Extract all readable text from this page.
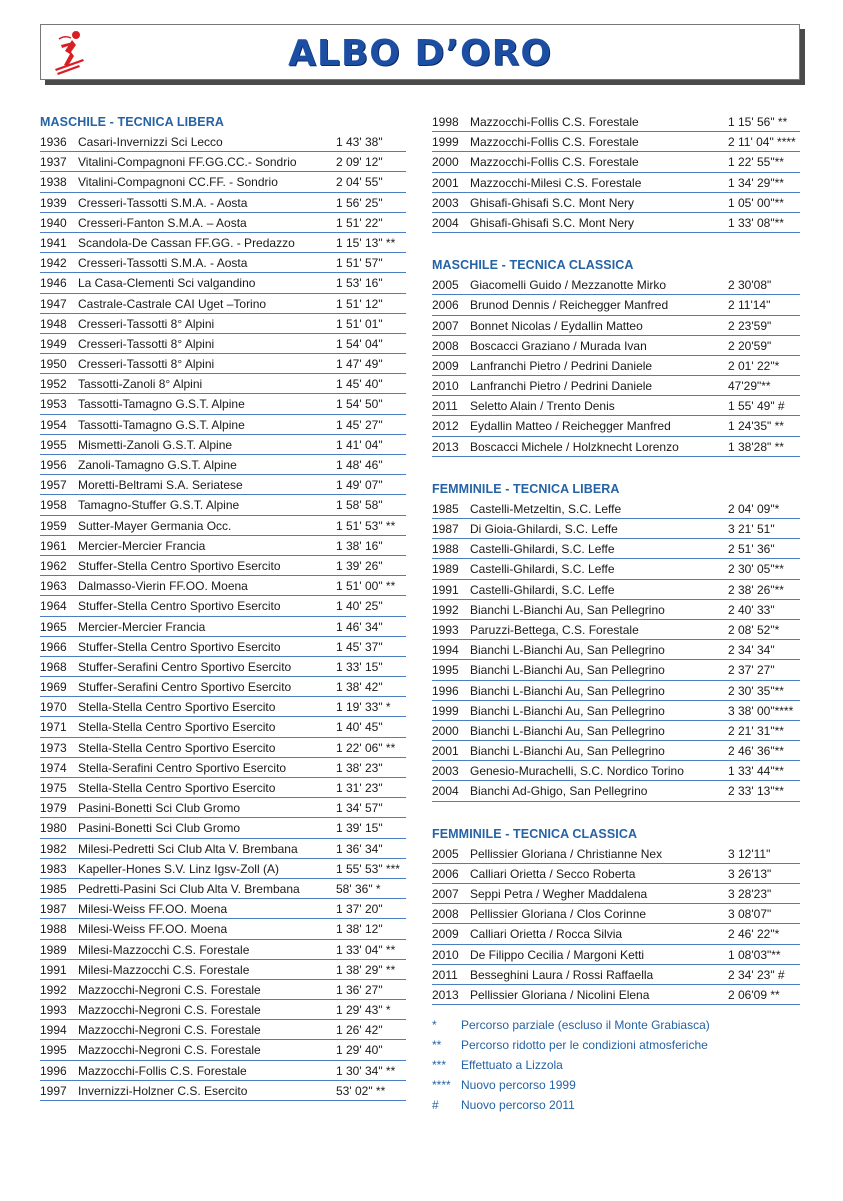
ALBO D’ORO
MASCHILE - TECNICA LIBERA
1936 Casari-Invernizzi Sci Lecco	1 43' 38"
1937 Vitalini-Compagnoni FF.GG.CC.- Sondrio	2 09' 12"
1938 Vitalini-Compagnoni CC.FF. - Sondrio	2 04' 55"
1939 Cresseri-Tassotti S.M.A. - Aosta	1 56' 25"
1940 Cresseri-Fanton S.M.A. – Aosta	1 51' 22"
1941 Scandola-De Cassan FF.GG. - Predazzo	1 15' 13" **
1942 Cresseri-Tassotti S.M.A. - Aosta	1 51' 57"
1946 La Casa-Clementi Sci valgandino	1 53' 16"
1947 Castrale-Castrale CAI Uget –Torino	1 51' 12"
1948 Cresseri-Tassotti 8° Alpini	1 51' 01"
1949 Cresseri-Tassotti 8° Alpini	1 54' 04"
1950 Cresseri-Tassotti 8° Alpini	1 47' 49"
1952 Tassotti-Zanoli 8° Alpini	1 45' 40"
1953 Tassotti-Tamagno G.S.T. Alpine	1 54' 50"
1954 Tassotti-Tamagno G.S.T. Alpine	1 45' 27"
1955 Mismetti-Zanoli G.S.T. Alpine	1 41' 04"
1956 Zanoli-Tamagno G.S.T. Alpine	1 48' 46"
1957 Moretti-Beltrami S.A. Seriatese	1 49' 07"
1958 Tamagno-Stuffer G.S.T. Alpine	1 58' 58"
1959 Sutter-Mayer Germania Occ.	1 51' 53" **
1961 Mercier-Mercier Francia	1 38' 16"
1962 Stuffer-Stella Centro Sportivo Esercito	1 39' 26"
1963 Dalmasso-Vierin FF.OO. Moena	1 51' 00" **
1964 Stuffer-Stella Centro Sportivo Esercito	1 40' 25"
1965 Mercier-Mercier Francia	1 46' 34"
1966 Stuffer-Stella Centro Sportivo Esercito	1 45' 37"
1968 Stuffer-Serafini Centro Sportivo Esercito	1 33' 15"
1969 Stuffer-Serafini Centro Sportivo Esercito	1 38' 42"
1970 Stella-Stella Centro Sportivo Esercito	1 19' 33" *
1971 Stella-Stella Centro Sportivo Esercito	1 40' 45"
1973 Stella-Stella Centro Sportivo Esercito	1 22' 06" **
1974 Stella-Serafini Centro Sportivo Esercito	1 38' 23"
1975 Stella-Stella Centro Sportivo Esercito	1 31' 23"
1979 Pasini-Bonetti Sci Club Gromo	1 34' 57"
1980 Pasini-Bonetti Sci Club Gromo	1 39' 15"
1982 Milesi-Pedretti Sci Club Alta V. Brembana	1 36' 34"
1983 Kapeller-Hones S.V. Linz Igsv-Zoll (A)	1 55' 53" ***
1985 Pedretti-Pasini Sci Club Alta V. Brembana	58' 36" *
1987 Milesi-Weiss FF.OO. Moena	1 37' 20"
1988 Milesi-Weiss FF.OO. Moena	1 38' 12"
1989 Milesi-Mazzocchi C.S. Forestale	1 33' 04" **
1991 Milesi-Mazzocchi C.S. Forestale	1 38' 29" **
1992 Mazzocchi-Negroni C.S. Forestale	1 36' 27"
1993 Mazzocchi-Negroni C.S. Forestale	1 29' 43" *
1994 Mazzocchi-Negroni C.S. Forestale	1 26' 42"
1995 Mazzocchi-Negroni C.S. Forestale	1 29' 40"
1996 Mazzocchi-Follis C.S. Forestale	1 30' 34" **
1997 Invernizzi-Holzner C.S. Esercito	53' 02" **
1998 Mazzocchi-Follis C.S. Forestale	1 15' 56" **
1999 Mazzocchi-Follis C.S. Forestale	2 11' 04" ****
2000 Mazzocchi-Follis C.S. Forestale	1 22' 55"**
2001 Mazzocchi-Milesi C.S. Forestale	1 34' 29"**
2003 Ghisafi-Ghisafi S.C. Mont Nery	1 05' 00"**
2004 Ghisafi-Ghisafi S.C. Mont Nery	1 33' 08"**
MASCHILE - TECNICA CLASSICA
2005 Giacomelli Guido / Mezzanotte Mirko	2 30'08"
2006 Brunod Dennis / Reichegger Manfred	2 11'14"
2007 Bonnet Nicolas / Eydallin Matteo	2 23'59"
2008 Boscacci Graziano / Murada Ivan	2 20'59"
2009 Lanfranchi Pietro / Pedrini Daniele	2 01' 22"*
2010 Lanfranchi Pietro / Pedrini Daniele	47'29"**
2011	Seletto Alain / Trento Denis	1 55' 49" #
2012 Eydallin Matteo / Reichegger Manfred	1 24'35" **
2013 Boscacci Michele / Holzknecht Lorenzo	1 38'28" **
FEMMINILE - TECNICA LIBERA
1985 Castelli-Metzeltin, S.C. Leffe	2 04' 09"*
1987 Di Gioia-Ghilardi, S.C. Leffe	3 21' 51"
1988 Castelli-Ghilardi, S.C. Leffe	2 51' 36"
1989 Castelli-Ghilardi, S.C. Leffe	2 30' 05"**
1991 Castelli-Ghilardi, S.C. Leffe	2 38' 26"**
1992 Bianchi L-Bianchi Au, San Pellegrino	2 40' 33"
1993 Paruzzi-Bettega, C.S. Forestale	2 08' 52"*
1994 Bianchi L-Bianchi Au, San Pellegrino	2 34' 34"
1995 Bianchi L-Bianchi Au, San Pellegrino	2 37' 27"
1996 Bianchi L-Bianchi Au, San Pellegrino	2 30' 35"**
1999 Bianchi L-Bianchi Au, San Pellegrino	3 38' 00"****
2000 Bianchi L-Bianchi Au, San Pellegrino	2 21' 31"**
2001 Bianchi L-Bianchi Au, San Pellegrino	2 46' 36"**
2003 Genesio-Murachelli, S.C. Nordico Torino	1 33' 44"**
2004 Bianchi Ad-Ghigo, San Pellegrino	2 33' 13"**
FEMMINILE - TECNICA CLASSICA
2005 Pellissier Gloriana / Christianne Nex	3 12'11"
2006 Calliari Orietta / Secco Roberta	3 26'13"
2007 Seppi Petra / Wegher Maddalena	3 28'23"
2008 Pellissier Gloriana / Clos Corinne	3 08'07"
2009 Calliari Orietta / Rocca Silvia	2 46' 22"*
2010 De Filippo Cecilia / Margoni Ketti	1 08'03"**
2011	Besseghini Laura / Rossi Raffaella	2 34' 23" #
2013 Pellissier Gloriana / Nicolini Elena	2 06'09 **
*	Percorso parziale (escluso il Monte Grabiasca)
**	Percorso ridotto per le condizioni atmosferiche
***	Effettuato a Lizzola
**** Nuovo percorso 1999
#	Nuovo percorso 2011
